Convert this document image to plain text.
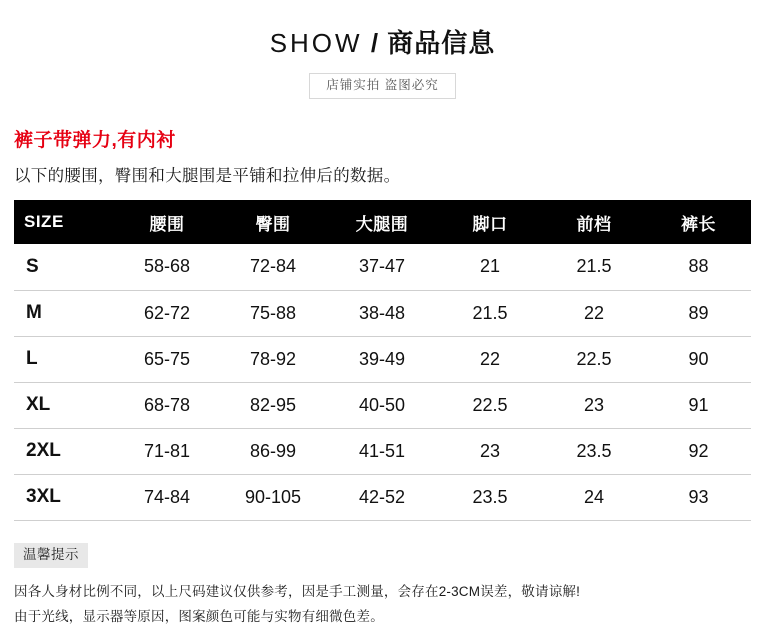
SHOW / 商品信息
店铺实拍 盗图必究
裤子带弹力,有内衬
以下的腰围，臀围和大腿围是平铺和拉伸后的数据。
SIZE	腰围	臀围	大腿围	脚口	前档	裤长
S	58-68	72-84	37-47	21	21.5	88
M	62-72	75-88	38-48	21.5	22	89
L	65-75	78-92	39-49	22	22.5	90
XL	68-78	82-95	40-50	22.5	23	91
2XL	71-81	86-99	41-51	23	23.5	92
3XL	74-84	90-105	42-52	23.5	24	93
温馨提示
因各人身材比例不同，以上尺码建议仅供参考，因是手工测量，会存在2-3CM误差，敬请谅解!
由于光线，显示器等原因，图案颜色可能与实物有细微色差。
